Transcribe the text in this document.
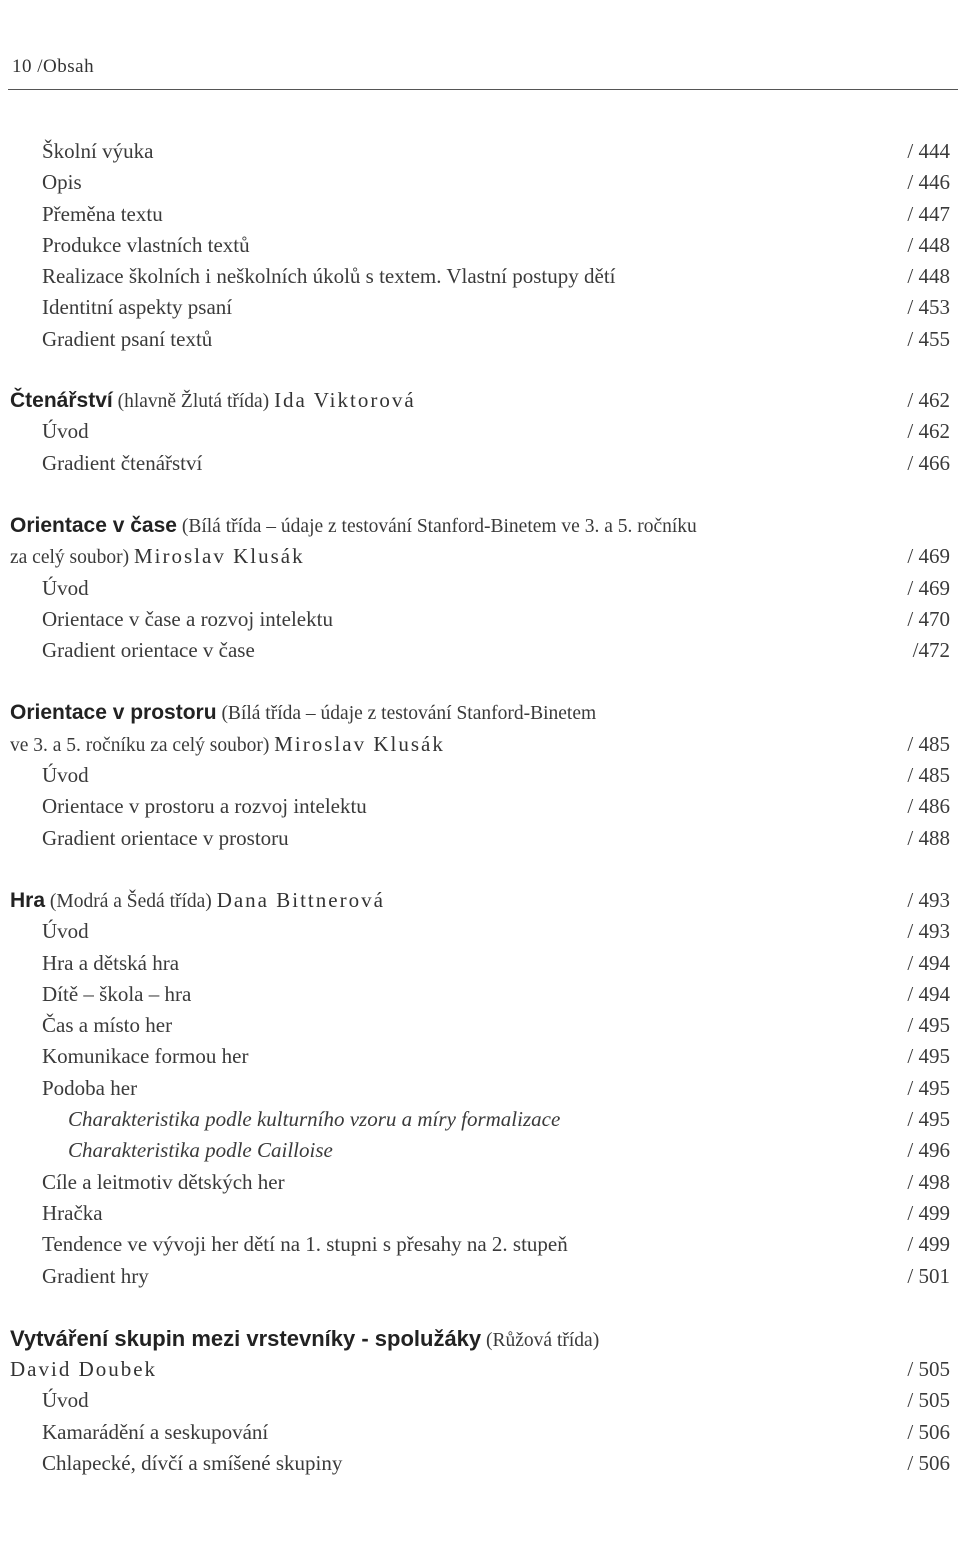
10 /Obsah
Školní výuka	/ 444
Opis	/ 446
Přeměna textu	/ 447
Produkce vlastních textů	/ 448
Realizace školních i neškolních úkolů s textem. Vlastní postupy dětí	/ 448
Identitní aspekty psaní	/ 453
Gradient psaní textů	/ 455
Čtenářství (hlavně Žlutá třída) Ida Viktorová	/ 462
Úvod	/ 462
Gradient čtenářství	/ 466
Orientace v čase (Bílá třída – údaje z testování Stanford-Binetem ve 3. a 5. ročníku
za celý soubor) Miroslav Klusák	/ 469
Úvod	/ 469
Orientace v čase a rozvoj intelektu	/ 470
Gradient orientace v čase	/472
Orientace v prostoru (Bílá třída – údaje z testování Stanford-Binetem
ve 3. a 5. ročníku za celý soubor) Miroslav Klusák	/ 485
Úvod	/ 485
Orientace v prostoru a rozvoj intelektu	/ 486
Gradient orientace v prostoru	/ 488
Hra (Modrá a Šedá třída) Dana Bittnerová	/ 493
Úvod	/ 493
Hra a dětská hra	/ 494
Dítě – škola – hra	/ 494
Čas a místo her	/ 495
Komunikace formou her	/ 495
Podoba her	/ 495
Charakteristika podle kulturního vzoru a míry formalizace	/ 495
Charakteristika podle Cailloise	/ 496
Cíle a leitmotiv dětských her	/ 498
Hračka	/ 499
Tendence ve vývoji her dětí na 1. stupni s přesahy na 2. stupeň	/ 499
Gradient hry	/ 501
Vytváření skupin mezi vrstevníky - spolužáky (Růžová třída)
David Doubek	/ 505
Úvod	/ 505
Kamarádění a seskupování	/ 506
Chlapecké, dívčí a smíšené skupiny	/ 506
